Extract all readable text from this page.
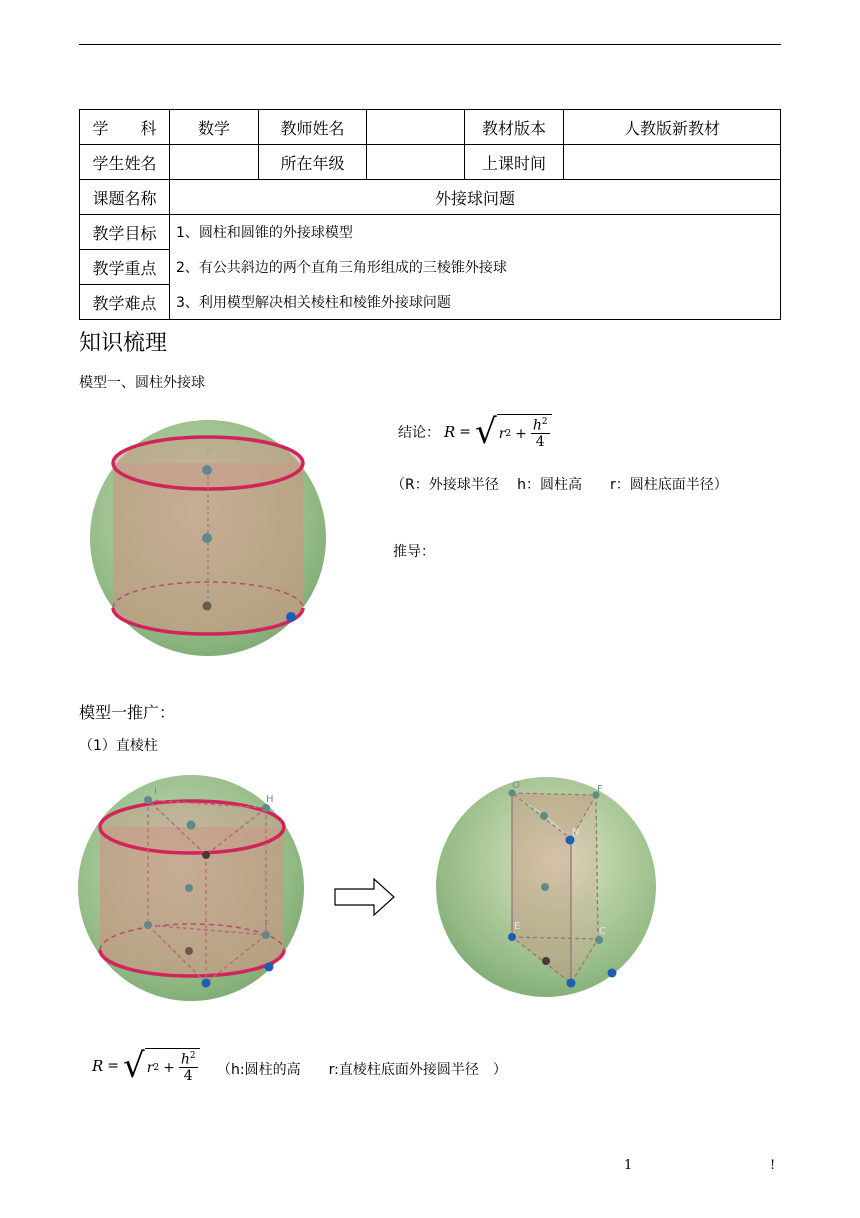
学　　科	数学	教师姓名		教材版本	人教版新教材
学生姓名		所在年级		上课时间	
课题名称	外接球问题				
教学目标	1、圆柱和圆锥的外接球模型				
教学重点	2、有公共斜边的两个直角三角形组成的三棱锥外接球				
教学难点	3、利用模型解决相关棱柱和棱锥外接球问题				
知识梳理
模型一、圆柱外接球
B
C
A
结论： R = √ r $2 + \frac{h^2}{4}$
（R：外接球半径　 h：圆柱高　　r：圆柱底面半径）
推导：
模型一推广：
（1）直棱柱
I
H
F
O	F
N
E	C
R = √ r $2 + \frac{h^2}{4} (h$:圆柱的高　　r:直棱柱底面外接圆半径　）
1	!
